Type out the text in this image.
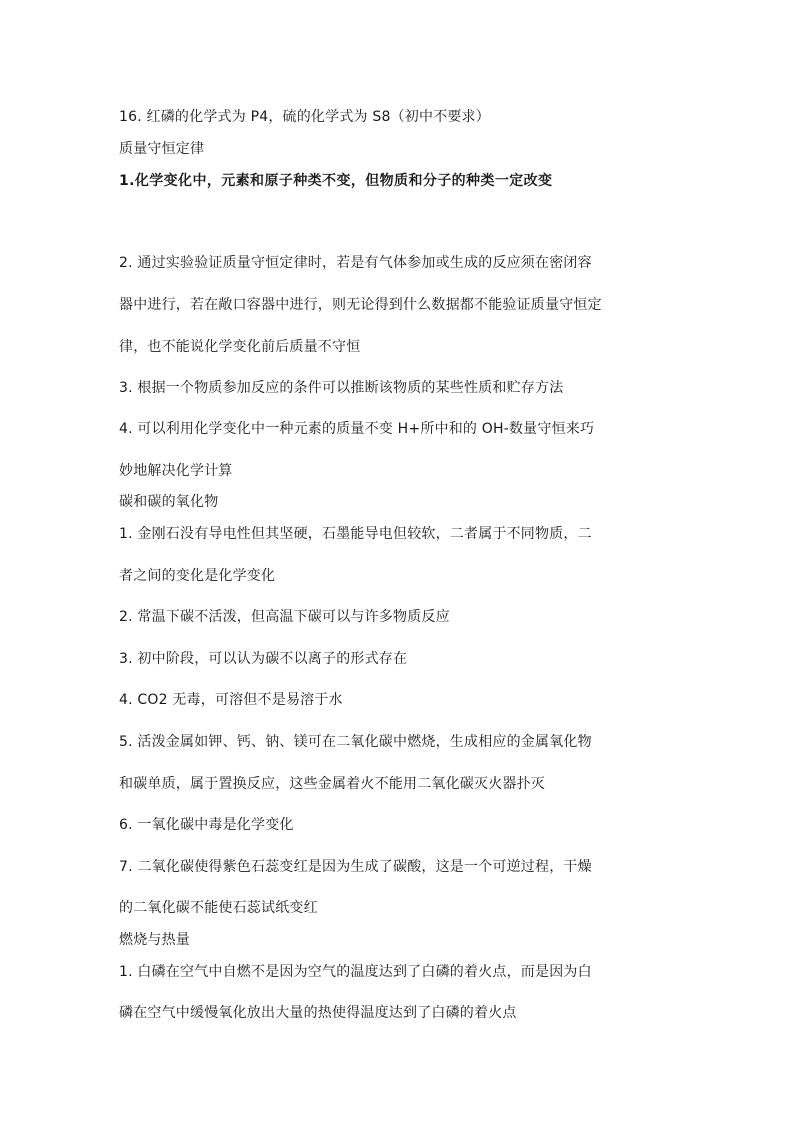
16. 红磷的化学式为 P4，硫的化学式为 S8（初中不要求）
质量守恒定律
1.化学变化中，元素和原子种类不变，但物质和分子的种类一定改变
2. 通过实验验证质量守恒定律时，若是有气体参加或生成的反应须在密闭容
器中进行，若在敞口容器中进行，则无论得到什么数据都不能验证质量守恒定
律，也不能说化学变化前后质量不守恒
3. 根据一个物质参加反应的条件可以推断该物质的某些性质和贮存方法
4. 可以利用化学变化中一种元素的质量不变 H+所中和的 OH-数量守恒来巧
妙地解决化学计算
碳和碳的氧化物
1. 金刚石没有导电性但其坚硬，石墨能导电但较软，二者属于不同物质，二
者之间的变化是化学变化
2. 常温下碳不活泼，但高温下碳可以与许多物质反应
3. 初中阶段，可以认为碳不以离子的形式存在
4. CO2 无毒，可溶但不是易溶于水
5. 活泼金属如钾、钙、钠、镁可在二氧化碳中燃烧，生成相应的金属氧化物
和碳单质，属于置换反应，这些金属着火不能用二氧化碳灭火器扑灭
6. 一氧化碳中毒是化学变化
7. 二氧化碳使得紫色石蕊变红是因为生成了碳酸，这是一个可逆过程，干燥
的二氧化碳不能使石蕊试纸变红
燃烧与热量
1. 白磷在空气中自燃不是因为空气的温度达到了白磷的着火点，而是因为白
磷在空气中缓慢氧化放出大量的热使得温度达到了白磷的着火点
